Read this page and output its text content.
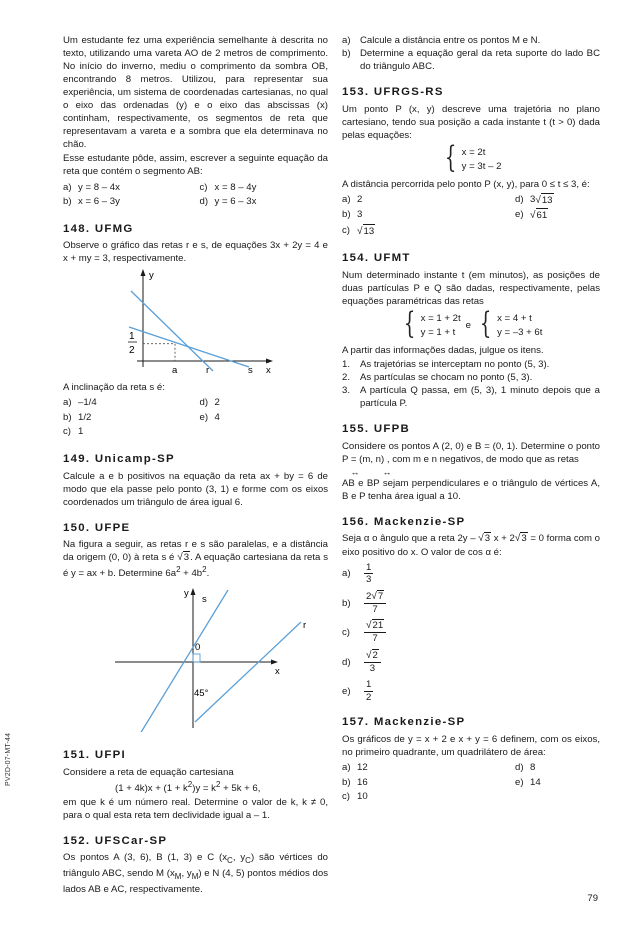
PV2D-07-MT-44

Um estudante fez uma experiência semelhante à descrita no texto, utilizando uma vareta AO de 2 metros de comprimento. No início do inverno, mediu o comprimento da sombra OB, encontrando 8 metros. Utilizou, para representar sua experiência, um sistema de coordenadas cartesianas, no qual o eixo das ordenadas (y) e o eixo das abscissas (x) continham, respectivamente, os segmentos de reta que representavam a vareta e a sombra que ela determinava no chão.

Esse estudante pôde, assim, escrever a seguinte equação da reta que contém o segmento AB:

a) y = 8 – 4x	c) x = 8 – 4y
b) x = 6 – 3y	d) y = 6 – 3x
148. UFMG

Observe o gráfico das retas r e s, de equações 3x + 2y = 4 e x + my = 3, respectivamente.

y
x
1
2
a	r	s

A inclinação da reta s é:

a) –1/4	d) 2
b) 1/2	e) 4
c) 1
149. Unicamp-SP

Calcule a e b positivos na equação da reta ax + by = 6 de modo que ela passe pelo ponto (3, 1) e forme com os eixos coordenados um triângulo de área igual 6.

150. UFPE

Na figura a seguir, as retas r e s são paralelas, e a distância da origem (0, 0) à reta s é √3. A equação cartesiana da reta s é y = ax + b. Determine $6a^2 + 4b^2$.

y
s
r
x
0
45°
151. UFPI

Considere a reta de equação cartesiana

$(1 + 4k)x + (1 + k^2)y = k^2 + 5k + 6$,

em que k é um número real. Determine o valor de k, k ≠ 0, para o qual esta reta tem declividade igual a – 1.

152. UFSCar-SP

Os pontos A (3, 6), B (1, 3) e C ($x_C$, $y_C$) são vértices do triângulo ABC, sendo M ($x_M$, $y_M$) e N (4, 5) pontos médios dos lados AB e AC, respectivamente.

a) Calcule a distância entre os pontos M e N.
b) Determine a equação geral da reta suporte do lado BC do triângulo ABC.
153. UFRGS-RS

Um ponto P (x, y) descreve uma trajetória no plano cartesiano, tendo sua posição a cada instante t (t > 0) dada pelas equações:

{ x = 2t
y = 3t – 2

A distância percorrida pelo ponto P (x, y), para 0 ≤ t ≤ 3, é:

a) 2	d) 3 √ 13
b) 3	e) √ 61
c) √ 13
154. UFMT

Num determinado instante t (em minutos), as posições de duas partículas P e Q são dadas, respectivamente, pelas equações paramétricas das retas

{ x = 1 + 2t
y = 1 + t
e { x = 4 + t
y = –3 + 6t

A partir das informações dadas, julgue os itens.

1.	As trajetórias se interceptam no ponto (5, 3).
2.	As partículas se chocam no ponto (5, 3).
3.	A partícula Q passa, em (5, 3), 1 minuto depois que a partícula P.
155. UFPB

Considere os pontos A (2, 0) e B = (0, 1). Determine o ponto P = (m, n) , com m e n negativos, de modo que as retas

↔	↔

AB e BP sejam perpendiculares e o triângulo de vértices A, B e P tenha área igual a 10.

156. Mackenzie-SP

Seja α o ângulo que a reta 2y – √3 x + 2√3 = 0 forma com o eixo positivo do x. O valor de cos α é:

a)	$\frac{1}{3}$
b)	$\frac{2√7}{7}$
c)	$\frac{√21}{7}$
d)	$\frac{√2}{3}$
e)	$\frac{1}{2}$
157. Mackenzie-SP

Os gráficos de y = x + 2 e x + y = 6 definem, com os eixos, no primeiro quadrante, um quadrilátero de área:

a) 12	d) 8
b) 16	e) 14
c) 10
79
